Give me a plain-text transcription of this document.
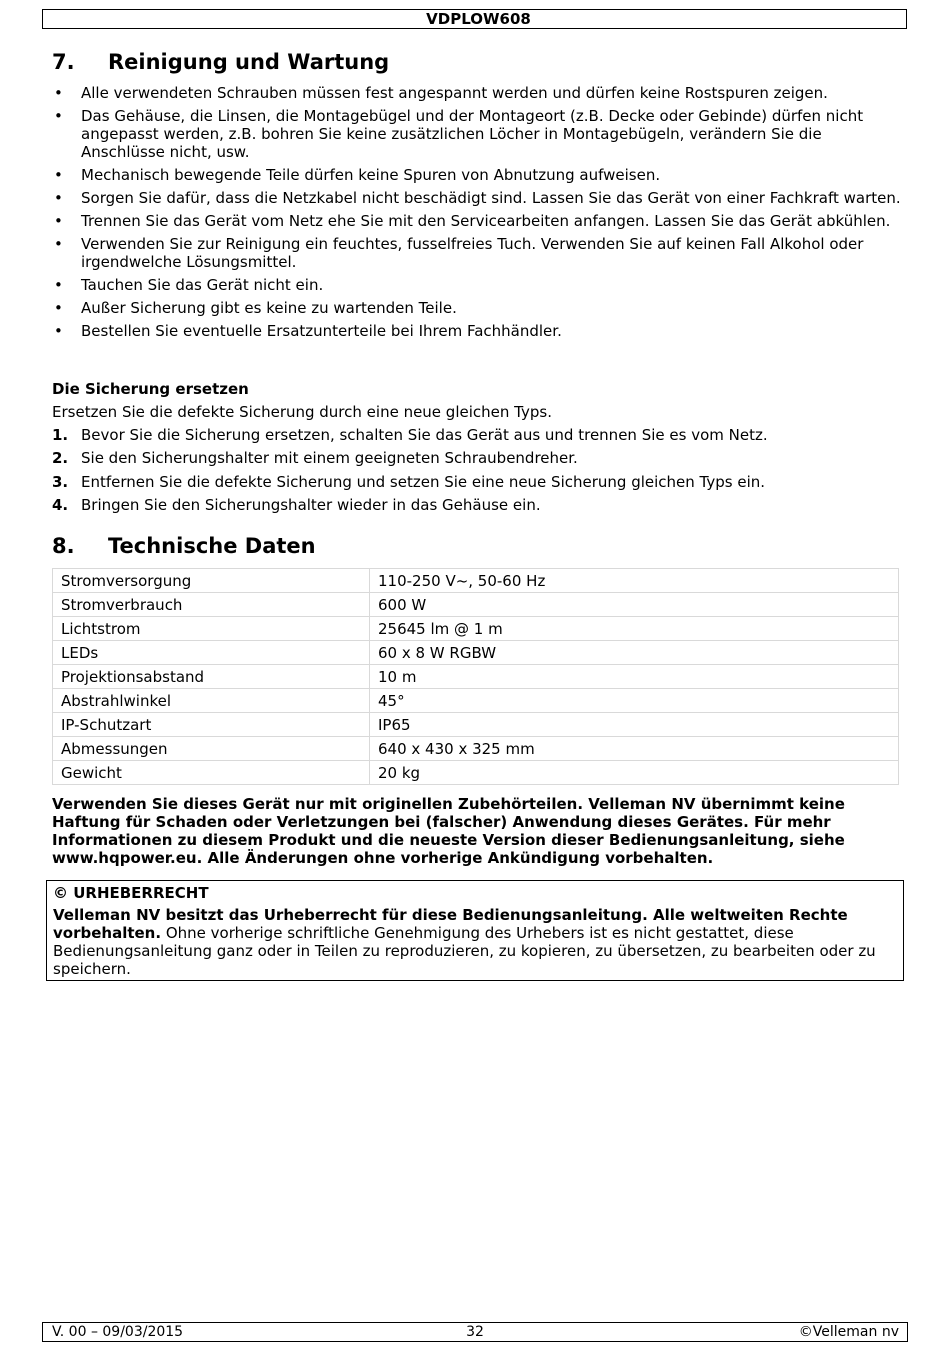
VDPLOW608
7. Reinigung und Wartung
• Alle verwendeten Schrauben müssen fest angespannt werden und dürfen keine Rostspuren zeigen.
• Das Gehäuse, die Linsen, die Montagebügel und der Montageort (z.B. Decke oder Gebinde) dürfen nicht angepasst werden, z.B. bohren Sie keine zusätzlichen Löcher in Montagebügeln, verändern Sie die Anschlüsse nicht, usw.
• Mechanisch bewegende Teile dürfen keine Spuren von Abnutzung aufweisen.
• Sorgen Sie dafür, dass die Netzkabel nicht beschädigt sind. Lassen Sie das Gerät von einer Fachkraft warten.
• Trennen Sie das Gerät vom Netz ehe Sie mit den Servicearbeiten anfangen. Lassen Sie das Gerät abkühlen.
• Verwenden Sie zur Reinigung ein feuchtes, fusselfreies Tuch. Verwenden Sie auf keinen Fall Alkohol oder irgendwelche Lösungsmittel.
• Tauchen Sie das Gerät nicht ein.
• Außer Sicherung gibt es keine zu wartenden Teile.
• Bestellen Sie eventuelle Ersatzunterteile bei Ihrem Fachhändler.
Die Sicherung ersetzen
Ersetzen Sie die defekte Sicherung durch eine neue gleichen Typs.
1. Bevor Sie die Sicherung ersetzen, schalten Sie das Gerät aus und trennen Sie es vom Netz.
2. Sie den Sicherungshalter mit einem geeigneten Schraubendreher.
3. Entfernen Sie die defekte Sicherung und setzen Sie eine neue Sicherung gleichen Typs ein.
4. Bringen Sie den Sicherungshalter wieder in das Gehäuse ein.
8. Technische Daten
Stromversorgung	110-250 V~, 50-60 Hz
Stromverbrauch	600 W
Lichtstrom	25645 lm @ 1 m
LEDs	60 x 8 W RGBW
Projektionsabstand	10 m
Abstrahlwinkel	45°
IP-Schutzart	IP65
Abmessungen	640 x 430 x 325 mm
Gewicht	20 kg
Verwenden Sie dieses Gerät nur mit originellen Zubehörteilen. Velleman NV übernimmt keine Haftung für Schaden oder Verletzungen bei (falscher) Anwendung dieses Gerätes. Für mehr Informationen zu diesem Produkt und die neueste Version dieser Bedienungsanleitung, siehe www.hqpower.eu. Alle Änderungen ohne vorherige Ankündigung vorbehalten.
© URHEBERRECHT
Velleman NV besitzt das Urheberrecht für diese Bedienungsanleitung. Alle weltweiten Rechte vorbehalten. Ohne vorherige schriftliche Genehmigung des Urhebers ist es nicht gestattet, diese Bedienungsanleitung ganz oder in Teilen zu reproduzieren, zu kopieren, zu übersetzen, zu bearbeiten oder zu speichern.
V. 00 – 09/03/2015	32	©Velleman nv
